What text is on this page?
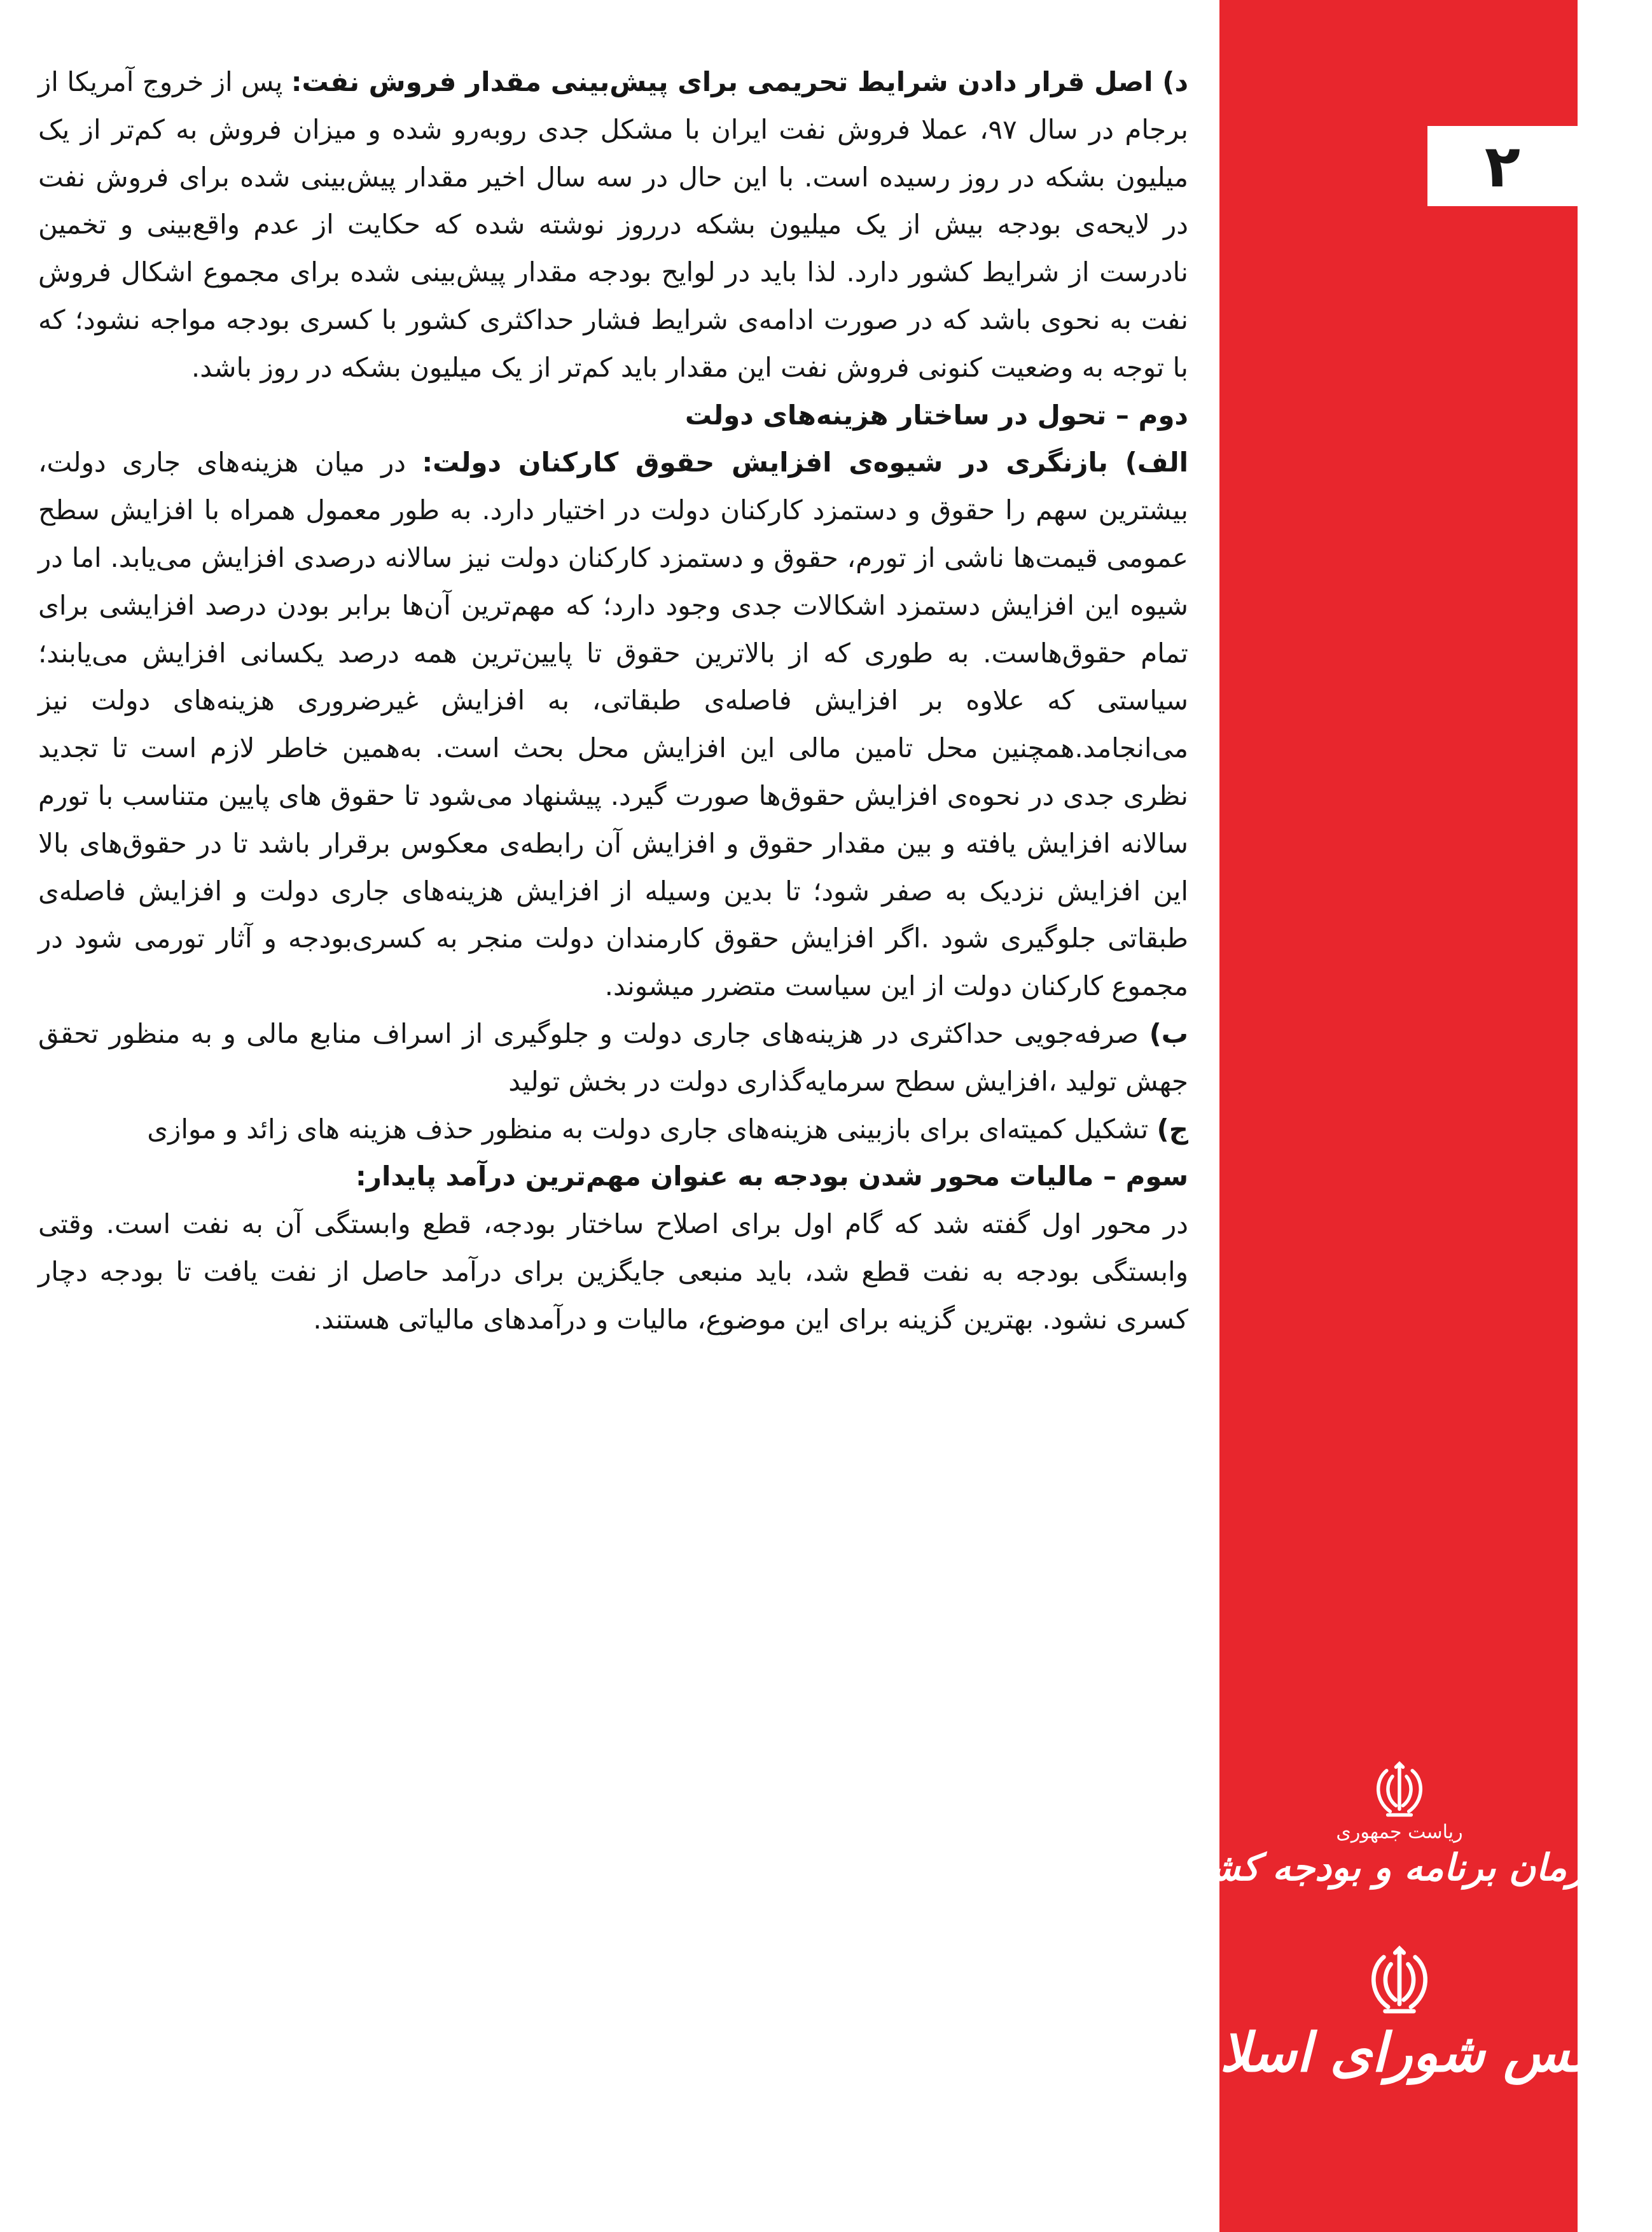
۲
ریاست جمهوری
سازمان برنامه و بودجه کشور
مجلس شورای اسلامی

د) اصل قرار دادن شرایط تحریمی برای پیش‌بینی مقدار فروش نفت: پس از خروج آمریکا از برجام در سال ۹۷، عملا فروش نفت ایران با مشکل جدی روبه‌رو شده و میزان فروش به کم‌تر از یک میلیون بشکه در روز رسیده است. با این حال در سه سال اخیر مقدار پیش‌بینی شده برای فروش نفت در لایحه‌ی بودجه بیش از یک میلیون بشکه درروز نوشته شده که حکایت از عدم واقع‌بینی و تخمین نادرست از شرایط کشور دارد. لذا باید در لوایح بودجه مقدار پیش‌بینی شده برای مجموع اشکال فروش نفت به نحوی باشد که در صورت ادامه‌ی شرایط فشار حداکثری کشور با کسری بودجه مواجه نشود؛ که با توجه به وضعیت کنونی فروش نفت این مقدار باید کم‌تر از یک میلیون بشکه در روز باشد.

دوم – تحول در ساختار هزینه‌های دولت

الف) بازنگری در شیوه‌ی افزایش حقوق کارکنان دولت: در میان هزینه‌های جاری دولت، بیشترین سهم را حقوق و دستمزد کارکنان دولت در اختیار دارد. به طور معمول همراه با افزایش سطح عمومی قیمت‌ها ناشی از تورم، حقوق و دستمزد کارکنان دولت نیز سالانه درصدی افزایش می‌یابد. اما در شیوه این افزایش دستمزد اشکالات جدی وجود دارد؛ که مهم‌ترین آن‌ها برابر بودن درصد افزایشی برای تمام حقوق‌هاست. به طوری که از بالاترین حقوق تا پایین‌ترین همه درصد یکسانی افزایش می‌یابند؛ سیاستی که علاوه بر افزایش فاصله‌ی طبقاتی، به افزایش غیرضروری هزینه‌های دولت نیز می‌انجامد.همچنین محل تامین مالی این افزایش محل بحث است. به‌همین خاطر لازم است تا تجدید نظری جدی در نحوه‌ی افزایش حقوق‌ها صورت گیرد. پیشنهاد می‌شود تا حقوق های پایین متناسب با تورم سالانه افزایش یافته و بین مقدار حقوق و افزایش آن رابطه‌ی معکوس برقرار باشد تا در حقوق‌های بالا این افزایش نزدیک به صفر شود؛ تا بدین وسیله از افزایش هزینه‌های جاری دولت و افزایش فاصله‌ی طبقاتی جلوگیری شود .اگر افزایش حقوق کارمندان دولت منجر به کسری‌بودجه و آثار تورمی شود در مجموع کارکنان دولت از این سیاست متضرر میشوند.

ب) صرفه‌جویی حداکثری در هزینه‌های جاری دولت و جلوگیری از اسراف منابع مالی و به منظور تحقق جهش تولید ،افزایش سطح سرمایه‌گذاری دولت در بخش تولید

ج) تشکیل کمیته‌ای برای بازبینی هزینه‌های جاری دولت به منظور حذف هزینه های زائد و موازی

سوم – مالیات محور شدن بودجه به عنوان مهم‌ترین درآمد پایدار:

در محور اول گفته شد که گام اول برای اصلاح ساختار بودجه، قطع وابستگی آن به نفت است. وقتی وابستگی بودجه به نفت قطع شد، باید منبعی جایگزین برای درآمد حاصل از نفت یافت تا بودجه دچار کسری نشود. بهترین گزینه برای این موضوع، مالیات و درآمدهای مالیاتی هستند.
